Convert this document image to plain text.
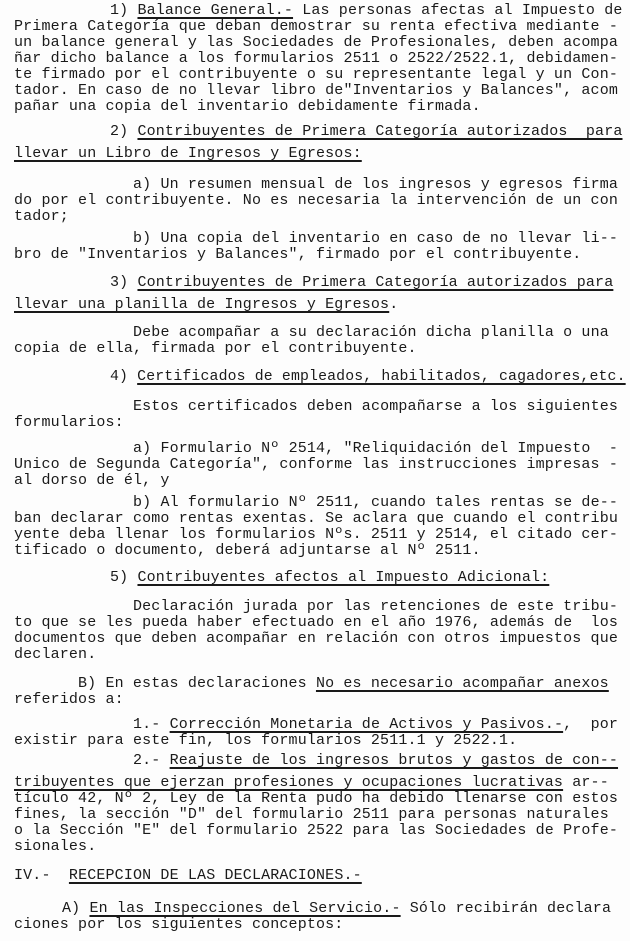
1) Balance General.- Las personas afectas al Impuesto de
Primera Categoría que deban demostrar su renta efectiva mediante -
un balance general y las Sociedades de Profesionales, deben acompa
ñar dicho balance a los formularios 2511 o 2522/2522.1, debidamen-
te firmado por el contribuyente o su representante legal y un Con-
tador. En caso de no llevar libro de"Inventarios y Balances", acom
pañar una copia del inventario debidamente firmada.
2) Contribuyentes de Primera Categoría autorizados  para
llevar un Libro de Ingresos y Egresos:
a) Un resumen mensual de los ingresos y egresos firma
do por el contribuyente. No es necesaria la intervención de un con
tador;
b) Una copia del inventario en caso de no llevar li--
bro de "Inventarios y Balances", firmado por el contribuyente.
3) Contribuyentes de Primera Categoría autorizados para
llevar una planilla de Ingresos y Egresos.
Debe acompañar a su declaración dicha planilla o una
copia de ella, firmada por el contribuyente.
4) Certificados de empleados, habilitados, cagadores,etc.
Estos certificados deben acompañarse a los siguientes
formularios:
a) Formulario Nº 2514, "Reliquidación del Impuesto  -
Unico de Segunda Categoría", conforme las instrucciones impresas -
al dorso de él, y
b) Al formulario Nº 2511, cuando tales rentas se de--
ban declarar como rentas exentas. Se aclara que cuando el contribu
yente deba llenar los formularios Nºs. 2511 y 2514, el citado cer-
tificado o documento, deberá adjuntarse al Nº 2511.
5) Contribuyentes afectos al Impuesto Adicional:
Declaración jurada por las retenciones de este tribu-
to que se les pueda haber efectuado en el año 1976, además de  los
documentos que deben acompañar en relación con otros impuestos que
declaren.
B) En estas declaraciones No es necesario acompañar anexos
referidos a:
1.- Corrección Monetaria de Activos y Pasivos.-,  por
existir para este fin, los formularios 2511.1 y 2522.1.
2.- Reajuste de los ingresos brutos y gastos de con--
tribuyentes que ejerzan profesiones y ocupaciones lucrativas ar--
tículo 42, Nº 2, Ley de la Renta pudo ha debido llenarse con estos
fines, la sección "D" del formulario 2511 para personas naturales
o la Sección "E" del formulario 2522 para las Sociedades de Profe-
sionales.
IV.-  RECEPCION DE LAS DECLARACIONES.-
A) En las Inspecciones del Servicio.- Sólo recibirán declara
ciones por los siguientes conceptos:
